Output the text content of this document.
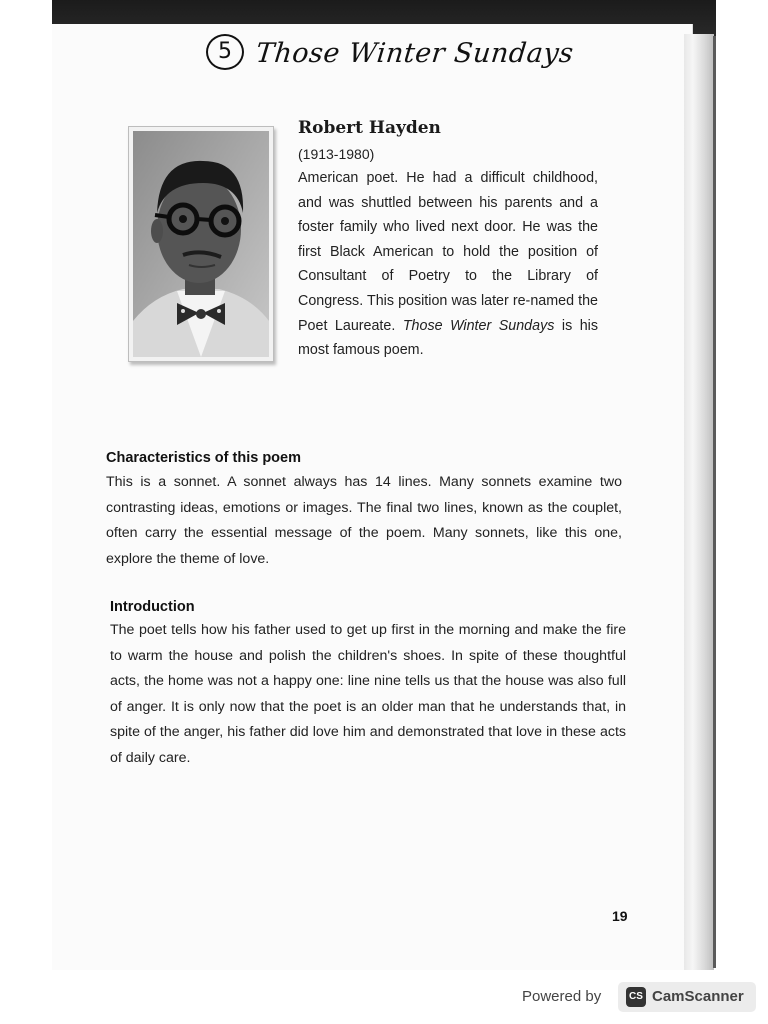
5 Those Winter Sundays
Robert Hayden
(1913-1980)
American poet. He had a difficult childhood, and was shuttled between his parents and a foster family who lived next door. He was the first Black American to hold the position of Consultant of Poetry to the Library of Congress. This position was later re-named the Poet Laureate. Those Winter Sundays is his most famous poem.
Characteristics of this poem
This is a sonnet. A sonnet always has 14 lines. Many sonnets examine two contrasting ideas, emotions or images. The final two lines, known as the couplet, often carry the essential message of the poem. Many sonnets, like this one, explore the theme of love.
Introduction
The poet tells how his father used to get up first in the morning and make the fire to warm the house and polish the children's shoes. In spite of these thoughtful acts, the home was not a happy one: line nine tells us that the house was also full of anger. It is only now that the poet is an older man that he understands that, in spite of the anger, his father did love him and demonstrated that love in these acts of daily care.
19
Powered by	CS CamScanner
